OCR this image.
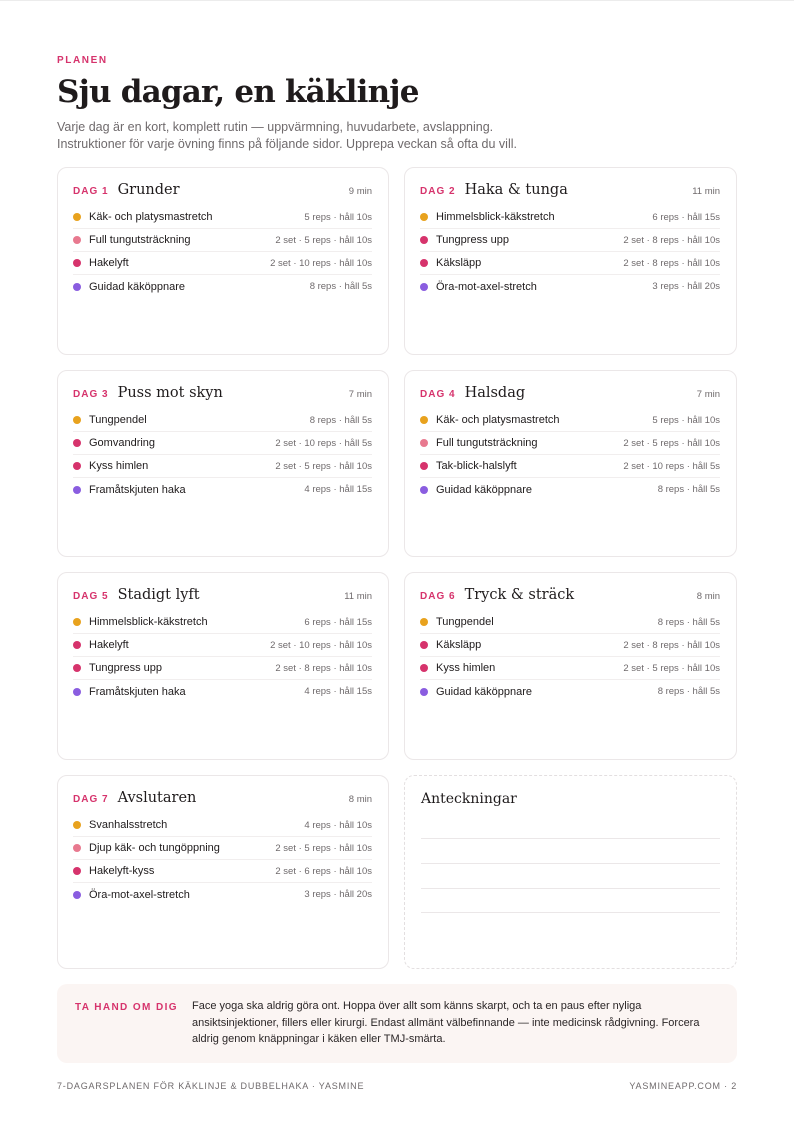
PLANEN
Sju dagar, en käklinje
Varje dag är en kort, komplett rutin — uppvärmning, huvudarbete, avslappning.
Instruktioner för varje övning finns på följande sidor. Upprepa veckan så ofta du vill.
DAG 1 Grunder	9 min
Käk- och platysmastretch	5 reps · håll 10s
Full tungutsträckning	2 set · 5 reps · håll 10s
Hakelyft	2 set · 10 reps · håll 10s
Guidad käköppnare	8 reps · håll 5s
DAG 2 Haka & tunga	11 min
Himmelsblick-käkstretch	6 reps · håll 15s
Tungpress upp	2 set · 8 reps · håll 10s
Käksläpp	2 set · 8 reps · håll 10s
Öra-mot-axel-stretch	3 reps · håll 20s
DAG 3 Puss mot skyn	7 min
Tungpendel	8 reps · håll 5s
Gomvandring	2 set · 10 reps · håll 5s
Kyss himlen	2 set · 5 reps · håll 10s
Framåtskjuten haka	4 reps · håll 15s
DAG 4 Halsdag	7 min
Käk- och platysmastretch	5 reps · håll 10s
Full tungutsträckning	2 set · 5 reps · håll 10s
Tak-blick-halslyft	2 set · 10 reps · håll 5s
Guidad käköppnare	8 reps · håll 5s
DAG 5 Stadigt lyft	11 min
Himmelsblick-käkstretch	6 reps · håll 15s
Hakelyft	2 set · 10 reps · håll 10s
Tungpress upp	2 set · 8 reps · håll 10s
Framåtskjuten haka	4 reps · håll 15s
DAG 6 Tryck & sträck	8 min
Tungpendel	8 reps · håll 5s
Käksläpp	2 set · 8 reps · håll 10s
Kyss himlen	2 set · 5 reps · håll 10s
Guidad käköppnare	8 reps · håll 5s
DAG 7 Avslutaren	8 min
Svanhalsstretch	4 reps · håll 10s
Djup käk- och tungöppning	2 set · 5 reps · håll 10s
Hakelyft-kyss	2 set · 6 reps · håll 10s
Öra-mot-axel-stretch	3 reps · håll 20s
Anteckningar
TA HAND OM DIG Face yoga ska aldrig göra ont. Hoppa över allt som känns skarpt, och ta en paus efter nyliga ansiktsinjektioner, fillers eller kirurgi. Endast allmänt välbefinnande — inte medicinsk rådgivning. Forcera aldrig genom knäppningar i käken eller TMJ-smärta.
7-DAGARSPLANEN FÖR KÄKLINJE & DUBBELHAKA · YASMINE	YASMINEAPP.COM · 2
